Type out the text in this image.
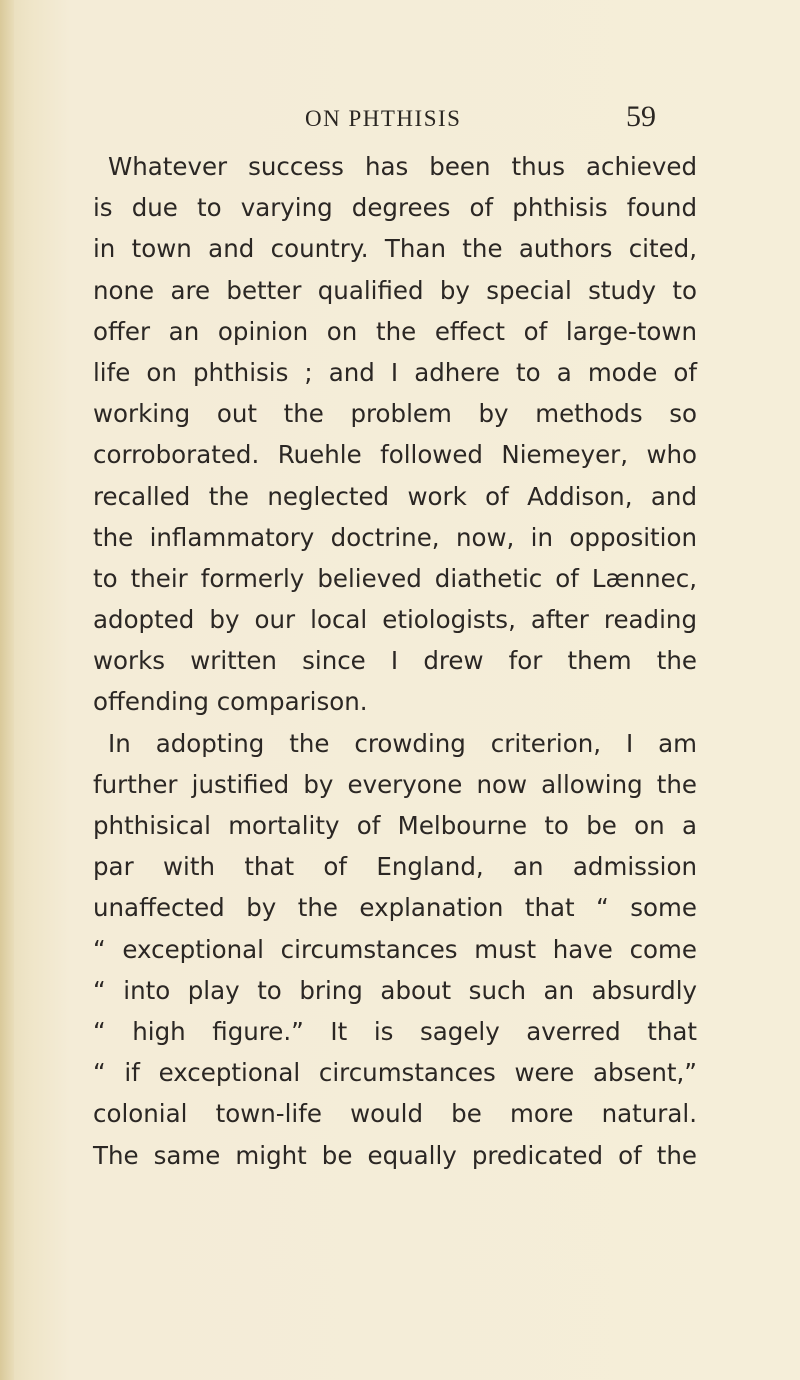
ON PHTHISIS	59
Whatever success has been thus achieved
is due to varying degrees of phthisis found
in town and country. Than the authors cited,
none are better qualified by special study to
offer an opinion on the effect of large-town
life on phthisis ; and I adhere to a mode of
working out the problem by methods so
corroborated. Ruehle followed Niemeyer, who
recalled the neglected work of Addison, and
the inflammatory doctrine, now, in opposition
to their formerly believed diathetic of Lænnec,
adopted by our local etiologists, after reading
works written since I drew for them the
offending comparison.
In adopting the crowding criterion, I am
further justified by everyone now allowing the
phthisical mortality of Melbourne to be on a
par with that of England, an admission
unaffected by the explanation that “ some
“ exceptional circumstances must have come
“ into play to bring about such an absurdly
“ high figure.” It is sagely averred that
“ if exceptional circumstances were absent,”
colonial town-life would be more natural.
The same might be equally predicated of the
